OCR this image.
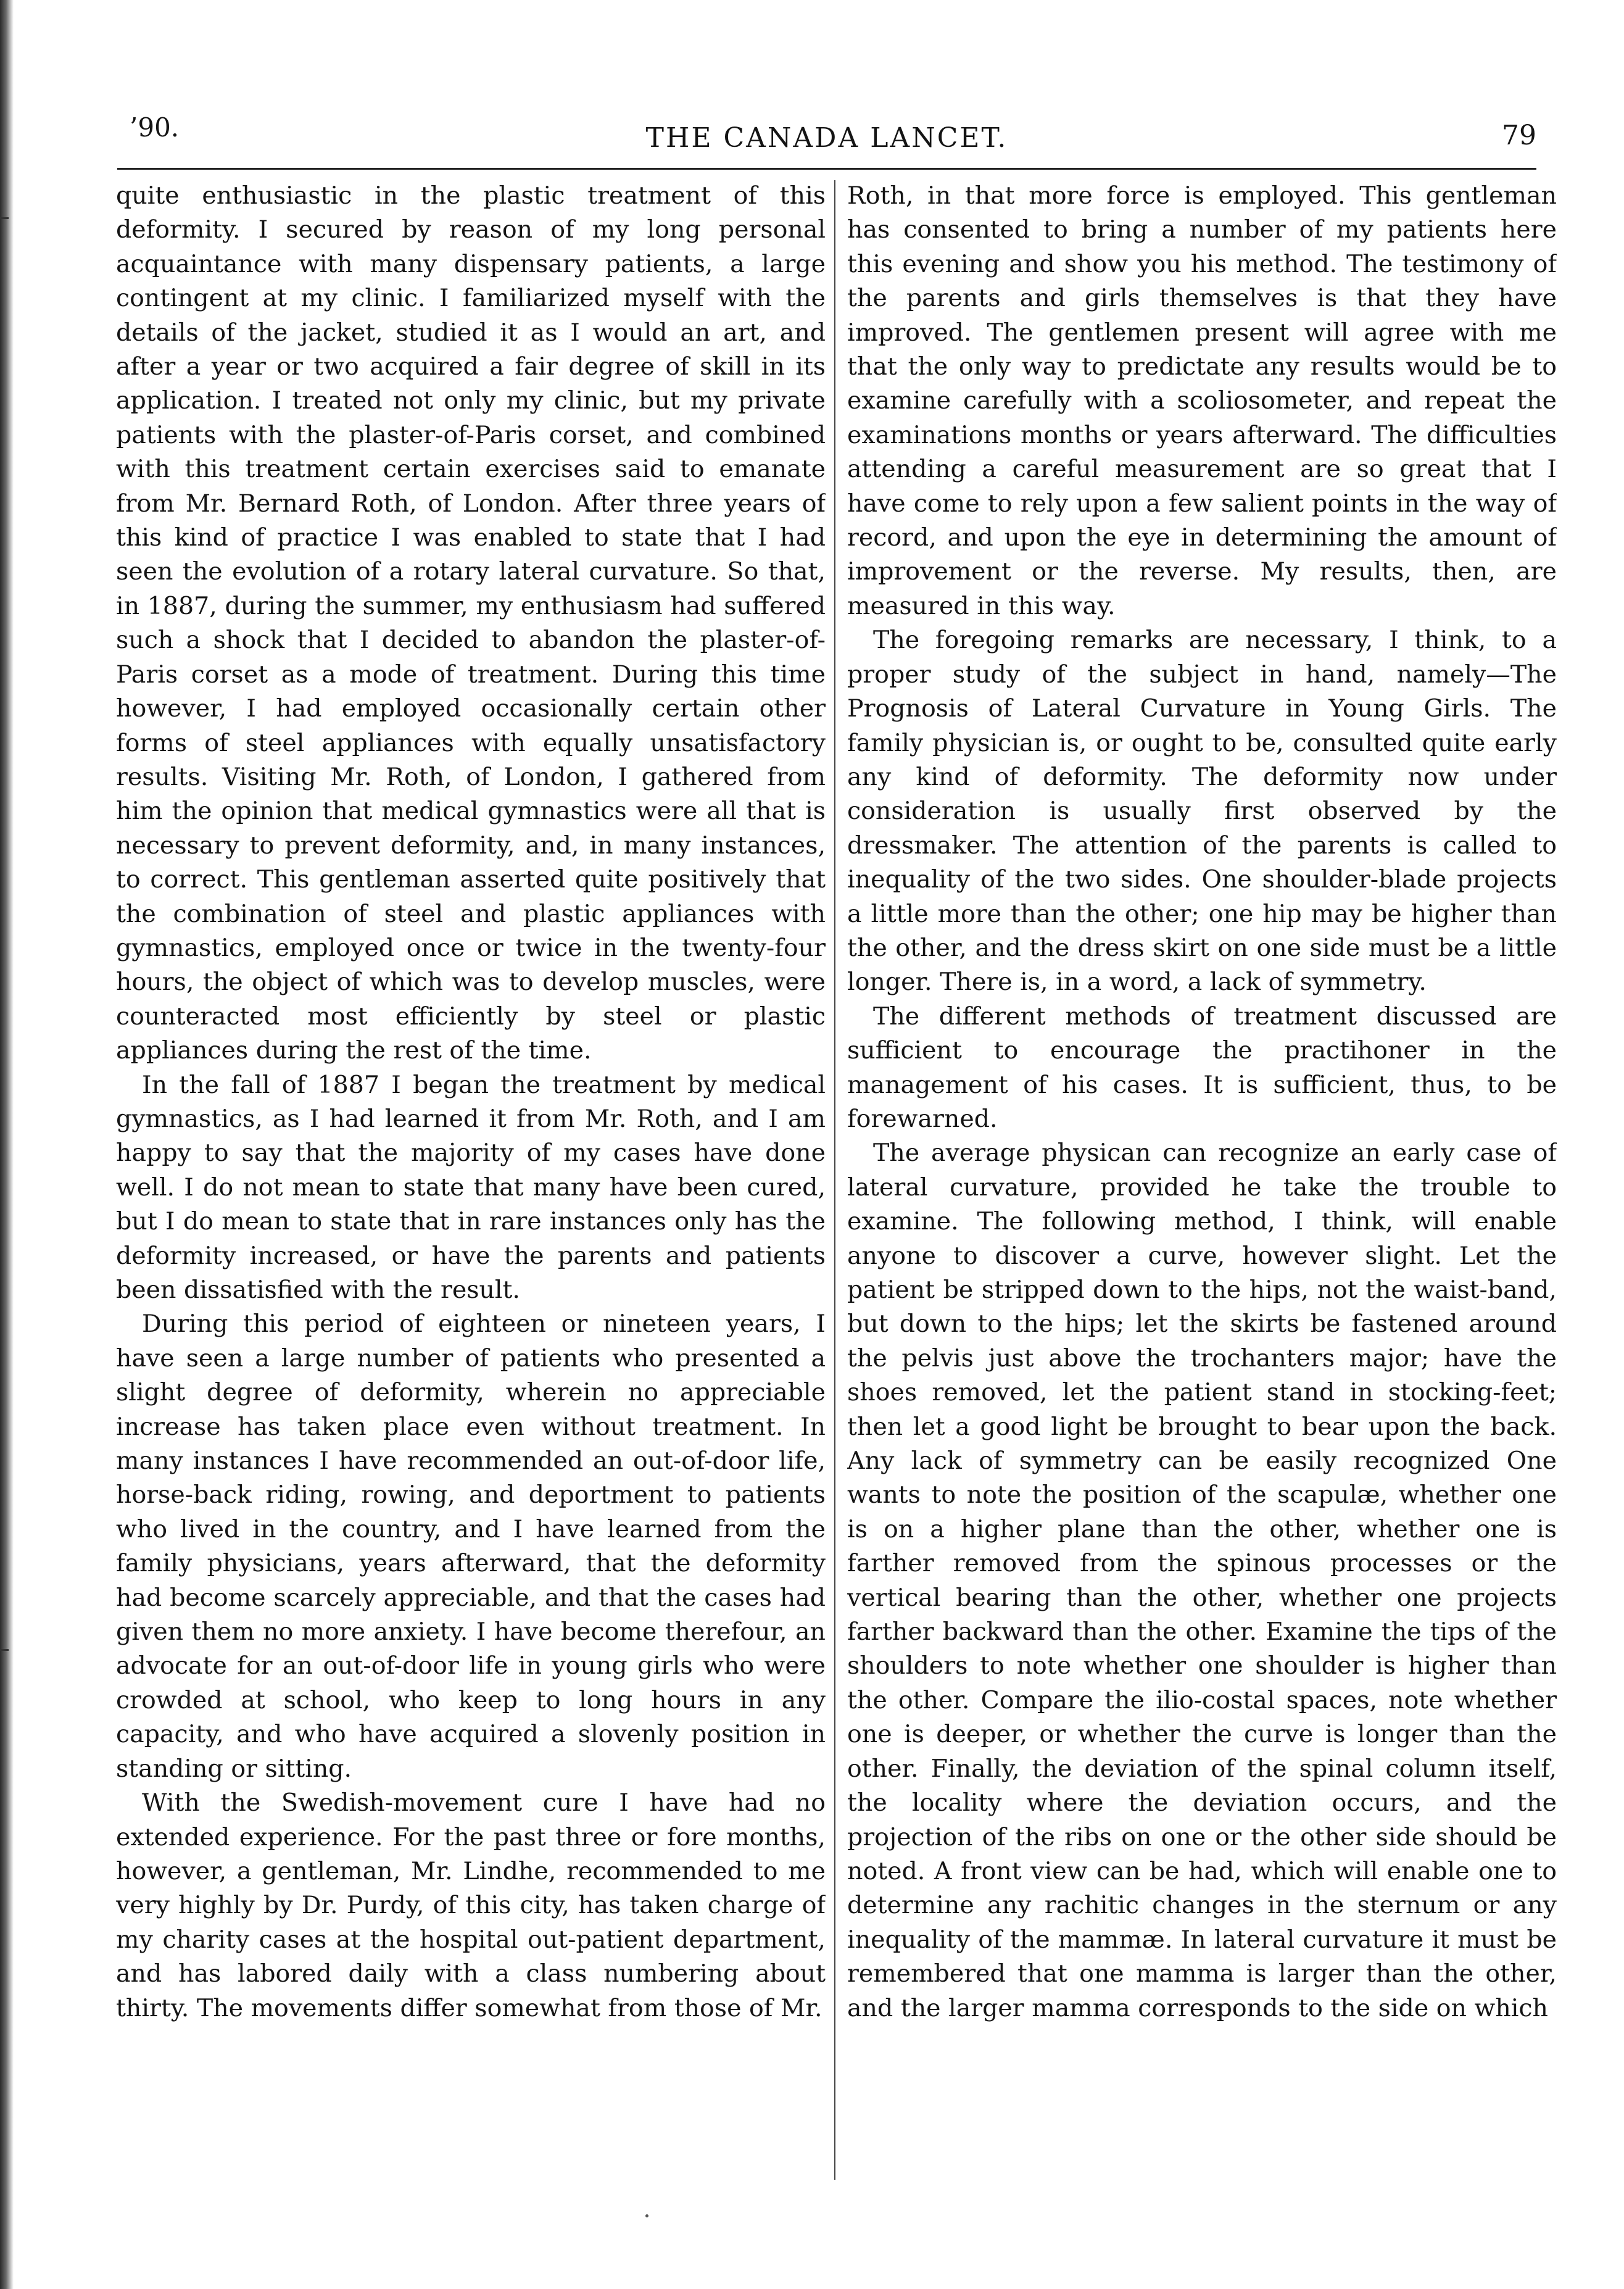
’90.	THE CANADA LANCET.	79

quite enthusiastic in the plastic treatment of this deformity. I secured by reason of my long personal acquaintance with many dispensary patients, a large contingent at my clinic. I familiarized myself with the details of the jacket, studied it as I would an art, and after a year or two acquired a fair degree of skill in its application. I treated not only my clinic, but my private patients with the plaster-of-Paris corset, and combined with this treatment certain exercises said to emanate from Mr. Bernard Roth, of London. After three years of this kind of practice I was enabled to state that I had seen the evolution of a rotary lateral curvature. So that, in 1887, during the summer, my enthusiasm had suffered such a shock that I decided to abandon the plaster-of-Paris corset as a mode of treatment. During this time however, I had employed occasionally certain other forms of steel appliances with equally unsatisfactory results. Visiting Mr. Roth, of London, I gathered from him the opinion that medical gymnastics were all that is necessary to prevent deformity, and, in many instances, to correct. This gentleman asserted quite positively that the combination of steel and plastic appliances with gymnastics, employed once or twice in the twenty-four hours, the object of which was to develop muscles, were counteracted most efficiently by steel or plastic appliances during the rest of the time.

In the fall of 1887 I began the treatment by medical gymnastics, as I had learned it from Mr. Roth, and I am happy to say that the majority of my cases have done well. I do not mean to state that many have been cured, but I do mean to state that in rare instances only has the deformity increased, or have the parents and patients been dissatisfied with the result.

During this period of eighteen or nineteen years, I have seen a large number of patients who presented a slight degree of deformity, wherein no appreciable increase has taken place even without treatment. In many instances I have recommended an out-of-door life, horse-back riding, rowing, and deportment to patients who lived in the country, and I have learned from the family physicians, years afterward, that the deformity had become scarcely appreciable, and that the cases had given them no more anxiety. I have become therefour, an advocate for an out-of-door life in young girls who were crowded at school, who keep to long hours in any capacity, and who have acquired a slovenly position in standing or sitting.

With the Swedish-movement cure I have had no extended experience. For the past three or fore months, however, a gentleman, Mr. Lindhe, recommended to me very highly by Dr. Purdy, of this city, has taken charge of my charity cases at the hospital out-patient department, and has labored daily with a class numbering about thirty. The movements differ somewhat from those of Mr.

Roth, in that more force is employed. This gentleman has consented to bring a number of my patients here this evening and show you his method. The testimony of the parents and girls themselves is that they have improved. The gentlemen present will agree with me that the only way to predictate any results would be to examine carefully with a scoliosometer, and repeat the examinations months or years afterward. The difficulties attending a careful measurement are so great that I have come to rely upon a few salient points in the way of record, and upon the eye in determining the amount of improvement or the reverse. My results, then, are measured in this way.

The foregoing remarks are necessary, I think, to a proper study of the subject in hand, namely—The Prognosis of Lateral Curvature in Young Girls. The family physician is, or ought to be, consulted quite early any kind of deformity. The deformity now under consideration is usually first observed by the dressmaker. The attention of the parents is called to inequality of the two sides. One shoulder-blade projects a little more than the other; one hip may be higher than the other, and the dress skirt on one side must be a little longer. There is, in a word, a lack of symmetry.

The different methods of treatment discussed are sufficient to encourage the practihoner in the management of his cases. It is sufficient, thus, to be forewarned.

The average physican can recognize an early case of lateral curvature, provided he take the trouble to examine. The following method, I think, will enable anyone to discover a curve, however slight. Let the patient be stripped down to the hips, not the waist-band, but down to the hips; let the skirts be fastened around the pelvis just above the trochanters major; have the shoes removed, let the patient stand in stocking-feet; then let a good light be brought to bear upon the back. Any lack of symmetry can be easily recognized One wants to note the position of the scapulæ, whether one is on a higher plane than the other, whether one is farther removed from the spinous processes or the vertical bearing than the other, whether one projects farther backward than the other. Examine the tips of the shoulders to note whether one shoulder is higher than the other. Compare the ilio-costal spaces, note whether one is deeper, or whether the curve is longer than the other. Finally, the deviation of the spinal column itself, the locality where the deviation occurs, and the projection of the ribs on one or the other side should be noted. A front view can be had, which will enable one to determine any rachitic changes in the sternum or any inequality of the mammæ. In lateral curvature it must be remembered that one mamma is larger than the other, and the larger mamma corresponds to the side on which
